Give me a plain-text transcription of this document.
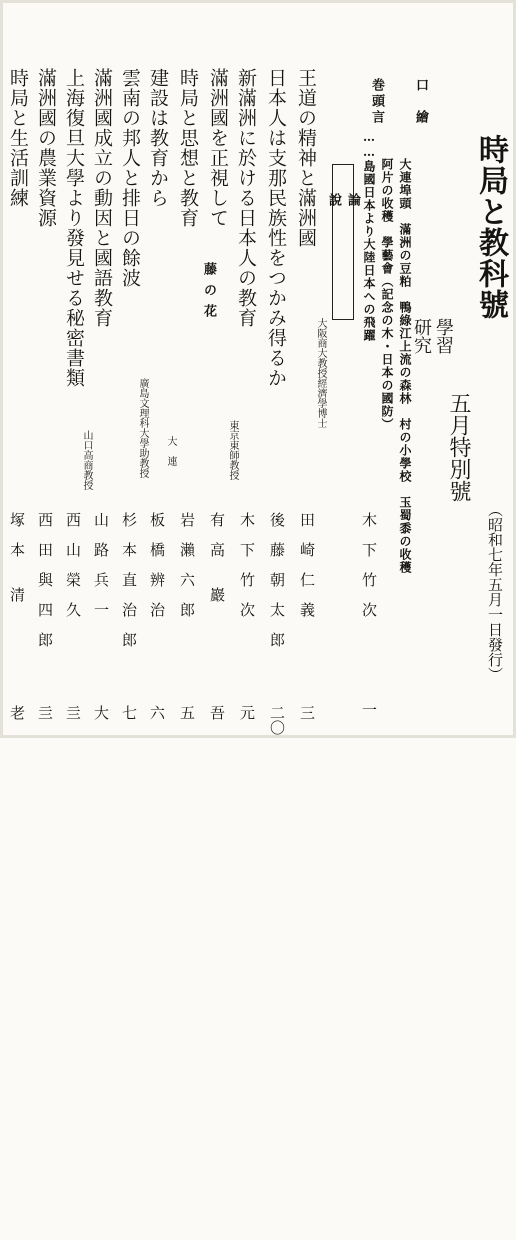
時局と教科號
學習
研究
五月特別號
（昭和七年五月一日發行）
口　繪
大連埠頭　滿洲の豆粕　鴨綠江上流の森林　村の小學校　玉蜀黍の收穫
阿片の收穫　學藝會（記念の木・日本の國防）
巻頭言
……島國日本より大陸日本への飛躍
木　下　竹　次
一
論　說
藤の花
王道の精神と滿洲國
大阪商大教授經濟學博士
田　崎　仁　義
三
日本人は支那民族性をつかみ得るか
後　藤　朝　太　郎
二〇
新滿洲に於ける日本人の教育
木　下　竹　次
元
滿洲國を正視して
東京東師教授
有　高　　巖
吾
時局と思想と教育
岩　瀨　六　郎
五
建設は教育から
大　連
板　橋　辨　治
六
雲南の邦人と排日の餘波
廣島文理科大學助教授
杉　本　直　治　郎
七
滿洲國成立の動因と國語教育
山　路　兵　一
大
上海復旦大學より發見せる秘密書類
山口高商教授
西　山　榮　久
亖
滿洲國の農業資源
西　田　與　四　郎
亖
時局と生活訓練
塚　本　　清
老
